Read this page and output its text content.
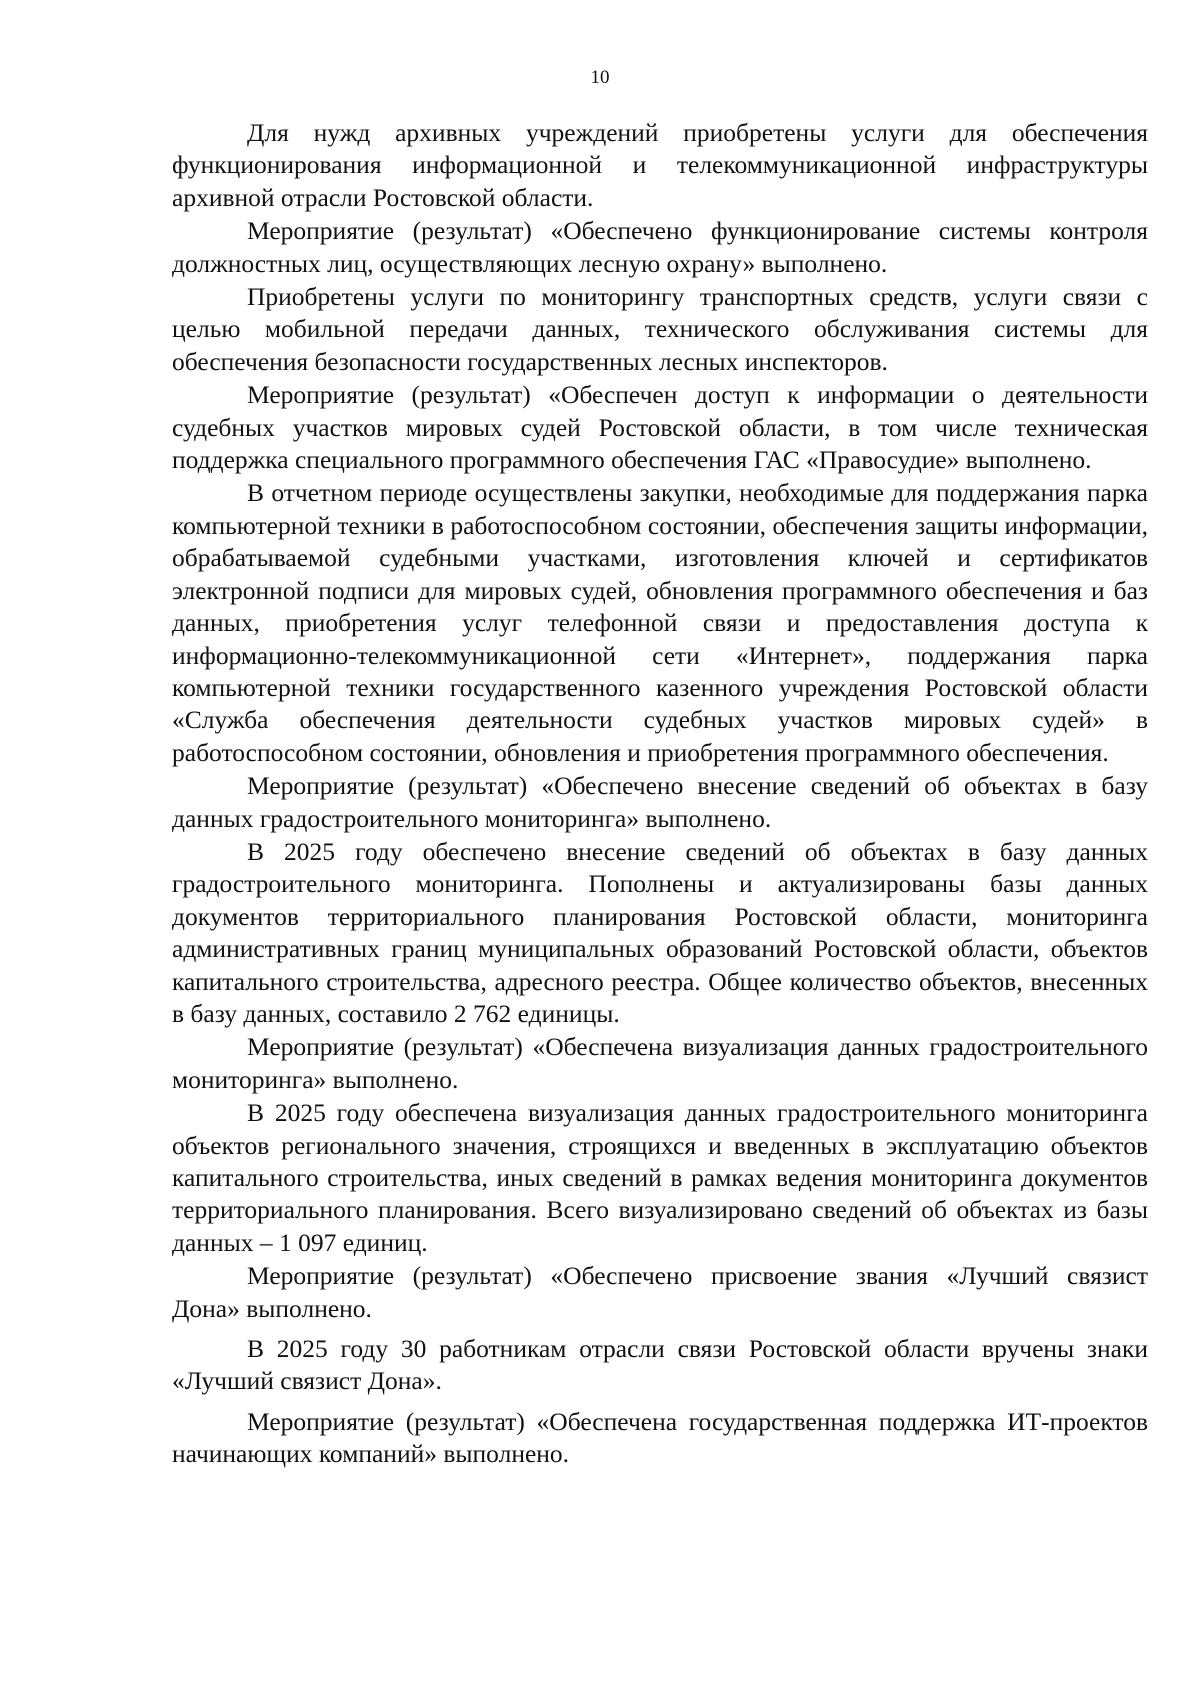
10

Для нужд архивных учреждений приобретены услуги для обеспечения функционирования информационной и телекоммуникационной инфраструктуры архивной отрасли Ростовской области.

Мероприятие (результат) «Обеспечено функционирование системы контроля должностных лиц, осуществляющих лесную охрану» выполнено.

Приобретены услуги по мониторингу транспортных средств, услуги связи с целью мобильной передачи данных, технического обслуживания системы для обеспечения безопасности государственных лесных инспекторов.

Мероприятие (результат) «Обеспечен доступ к информации о деятельности судебных участков мировых судей Ростовской области, в том числе техническая поддержка специального программного обеспечения ГАС «Правосудие» выполнено.

В отчетном периоде осуществлены закупки, необходимые для поддержания парка компьютерной техники в работоспособном состоянии, обеспечения защиты информации, обрабатываемой судебными участками, изготовления ключей и сертификатов электронной подписи для мировых судей, обновления программного обеспечения и баз данных, приобретения услуг телефонной связи и предоставления доступа к информационно-телекоммуникационной сети «Интернет», поддержания парка компьютерной техники государственного казенного учреждения Ростовской области «Служба обеспечения деятельности судебных участков мировых судей» в работоспособном состоянии, обновления и приобретения программного обеспечения.

Мероприятие (результат) «Обеспечено внесение сведений об объектах в базу данных градостроительного мониторинга» выполнено.

В 2025 году обеспечено внесение сведений об объектах в базу данных градостроительного мониторинга. Пополнены и актуализированы базы данных документов территориального планирования Ростовской области, мониторинга административных границ муниципальных образований Ростовской области, объектов капитального строительства, адресного реестра. Общее количество объектов, внесенных в базу данных, составило 2 762 единицы.

Мероприятие (результат) «Обеспечена визуализация данных градостроительного мониторинга» выполнено.

В 2025 году обеспечена визуализация данных градостроительного мониторинга объектов регионального значения, строящихся и введенных в эксплуатацию объектов капитального строительства, иных сведений в рамках ведения мониторинга документов территориального планирования. Всего визуализировано сведений об объектах из базы данных – 1 097 единиц.

Мероприятие (результат) «Обеспечено присвоение звания «Лучший связист Дона» выполнено.

В 2025 году 30 работникам отрасли связи Ростовской области вручены знаки «Лучший связист Дона».

Мероприятие (результат) «Обеспечена государственная поддержка ИТ-проектов начинающих компаний» выполнено.
